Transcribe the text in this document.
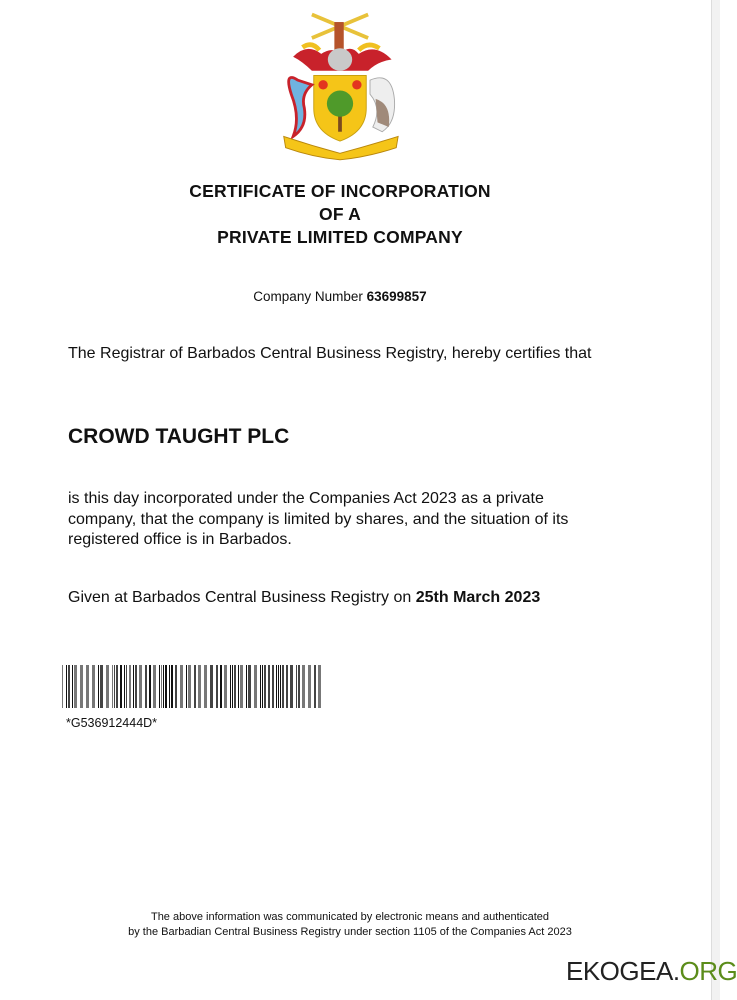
CERTIFICATE OF INCORPORATION
OF A
PRIVATE LIMITED COMPANY
Company Number 63699857
The Registrar of Barbados Central Business Registry, hereby certifies that
CROWD TAUGHT PLC
is this day incorporated under the Companies Act 2023 as a private company, that the company is limited by shares, and the situation of its registered office is in Barbados.
Given at Barbados Central Business Registry on 25th March 2023
*G536912444D*
The above information was communicated by electronic means and authenticated
by the Barbadian Central Business Registry under section 1105 of the Companies Act 2023
EKOGEA.ORG
